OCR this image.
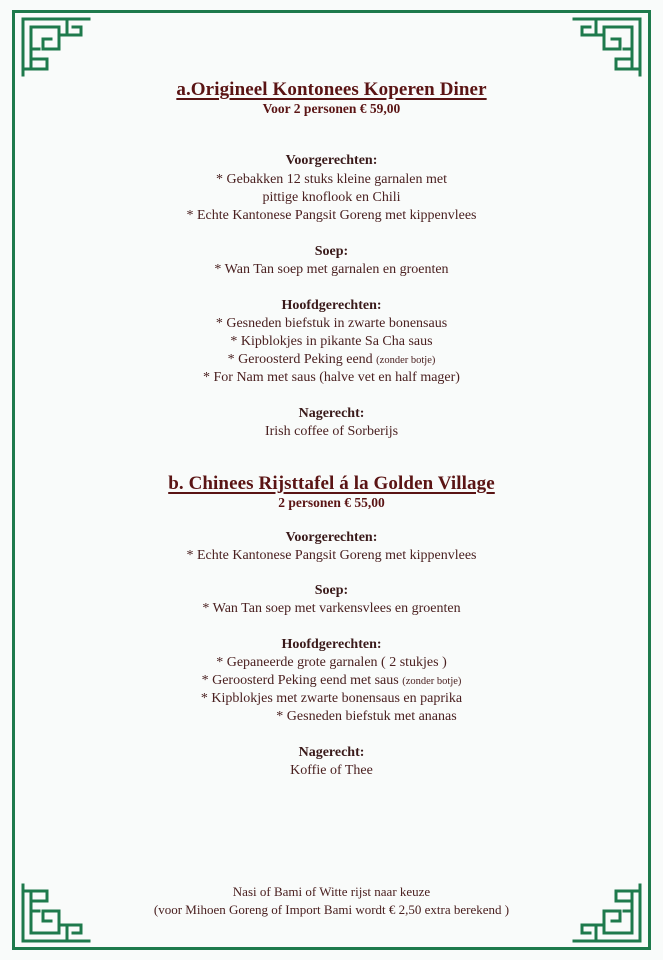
a.Origineel Kontonees Koperen Diner
Voor 2 personen € 59,00
Voorgerechten:
* Gebakken 12 stuks kleine garnalen met
pittige knoflook en Chili
* Echte Kantonese Pangsit Goreng met kippenvlees
Soep:
* Wan Tan soep met garnalen en groenten
Hoofdgerechten:
* Gesneden biefstuk in zwarte bonensaus
* Kipblokjes in pikante Sa Cha saus
* Geroosterd Peking eend (zonder botje)
* For Nam met saus (halve vet en half mager)
Nagerecht:
Irish coffee of Sorberijs
b. Chinees Rijsttafel á la Golden Village
2 personen € 55,00
Voorgerechten:
* Echte Kantonese Pangsit Goreng met kippenvlees
Soep:
* Wan Tan soep met varkensvlees en groenten
Hoofdgerechten:
* Gepaneerde grote garnalen ( 2 stukjes )
* Geroosterd Peking eend met saus (zonder botje)
* Kipblokjes met zwarte bonensaus en paprika
* Gesneden biefstuk met ananas
Nagerecht:
Koffie of Thee
Nasi of Bami of Witte rijst naar keuze
(voor Mihoen Goreng of Import Bami wordt € 2,50 extra berekend )
